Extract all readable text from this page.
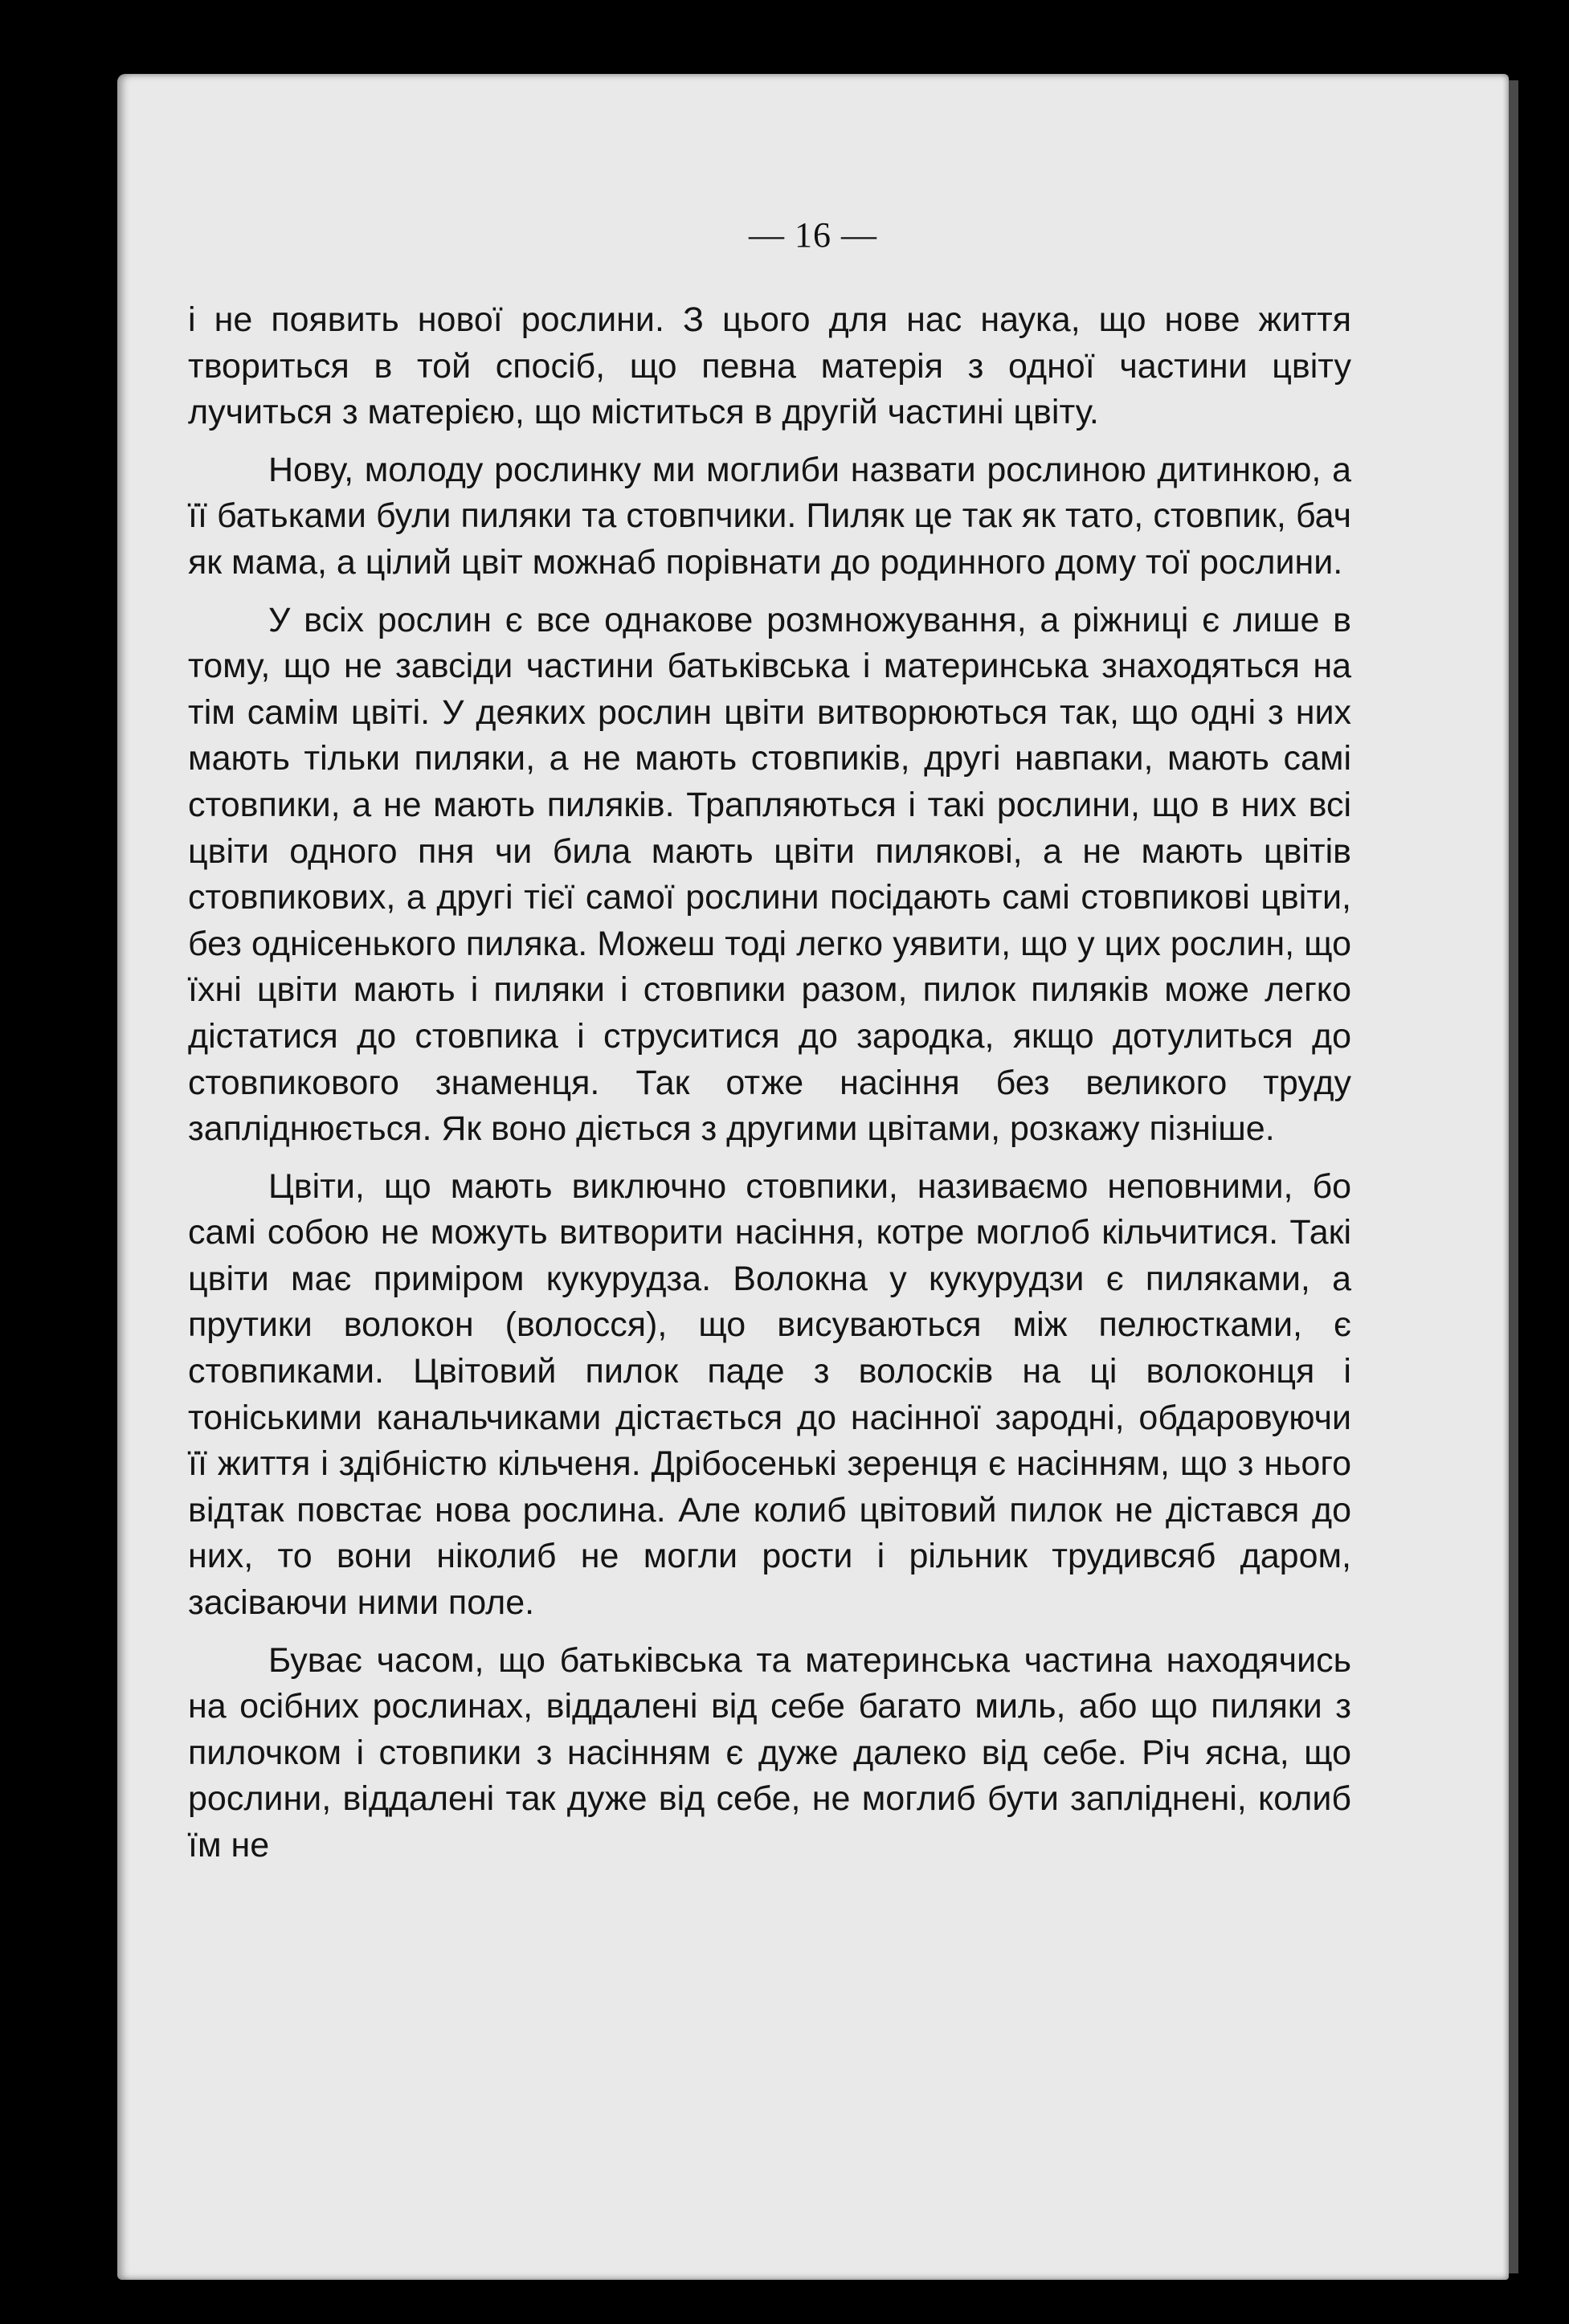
— 16 —

і не появить нової рослини. З цього для нас наука, що нове життя твориться в той спосіб, що певна матерія з одної частини цвіту лучиться з матерією, що міститься в другій частині цвіту.

Нову, молоду рослинку ми моглиби назвати рослиною дитинкою, а її батьками були пиляки та стовпчики. Пиляк це так як тато, стовпик, бач як мама, а цілий цвіт можнаб порівнати до родинного дому тої рослини.

У всіх рослин є все однакове розмножування, а ріжниці є лише в тому, що не завсіди частини батьківська і материнська знаходяться на тім самім цвіті. У деяких рослин цвіти витворюються так, що одні з них мають тільки пиляки, а не мають стовпиків, другі навпаки, мають самі стовпики, а не мають пиляків. Трапляються і такі рослини, що в них всі цвіти одного пня чи била мають цвіти пилякові, а не мають цвітів стовпикових, а другі тієї самої рослини посідають самі стовпикові цвіти, без однісенького пиляка. Можеш тоді легко уявити, що у цих рослин, що їхні цвіти мають і пиляки і стовпики разом, пилок пиляків може легко дістатися до стовпика і струситися до зародка, якщо дотулиться до стовпикового знаменця. Так отже насіння без великого труду запліднюється. Як воно діється з другими цвітами, розкажу пізніше.

Цвіти, що мають виключно стовпики, називаємо неповними, бо самі собою не можуть витворити насіння, котре моглоб кільчитися. Такі цвіти має приміром кукурудза. Волокна у кукурудзи є пиляками, а прутики волокон (волосся), що висуваються між пелюстками, є стовпиками. Цвітовий пилок паде з волосків на ці волоконця і тоніськими канальчиками дістається до насінної зародні, обдаровуючи її життя і здібністю кільченя. Дрібосенькі зеренця є насінням, що з нього відтак повстає нова рослина. Але колиб цвітовий пилок не дістався до них, то вони ніколиб не могли рости і рільник трудивсяб даром, засіваючи ними поле.

Буває часом, що батьківська та материнська частина находячись на осібних рослинах, віддалені від себе багато миль, або що пиляки з пилочком і стовпики з насінням є дуже далеко від себе. Річ ясна, що рослини, віддалені так дуже від себе, не моглиб бути запліднені, колиб їм не
